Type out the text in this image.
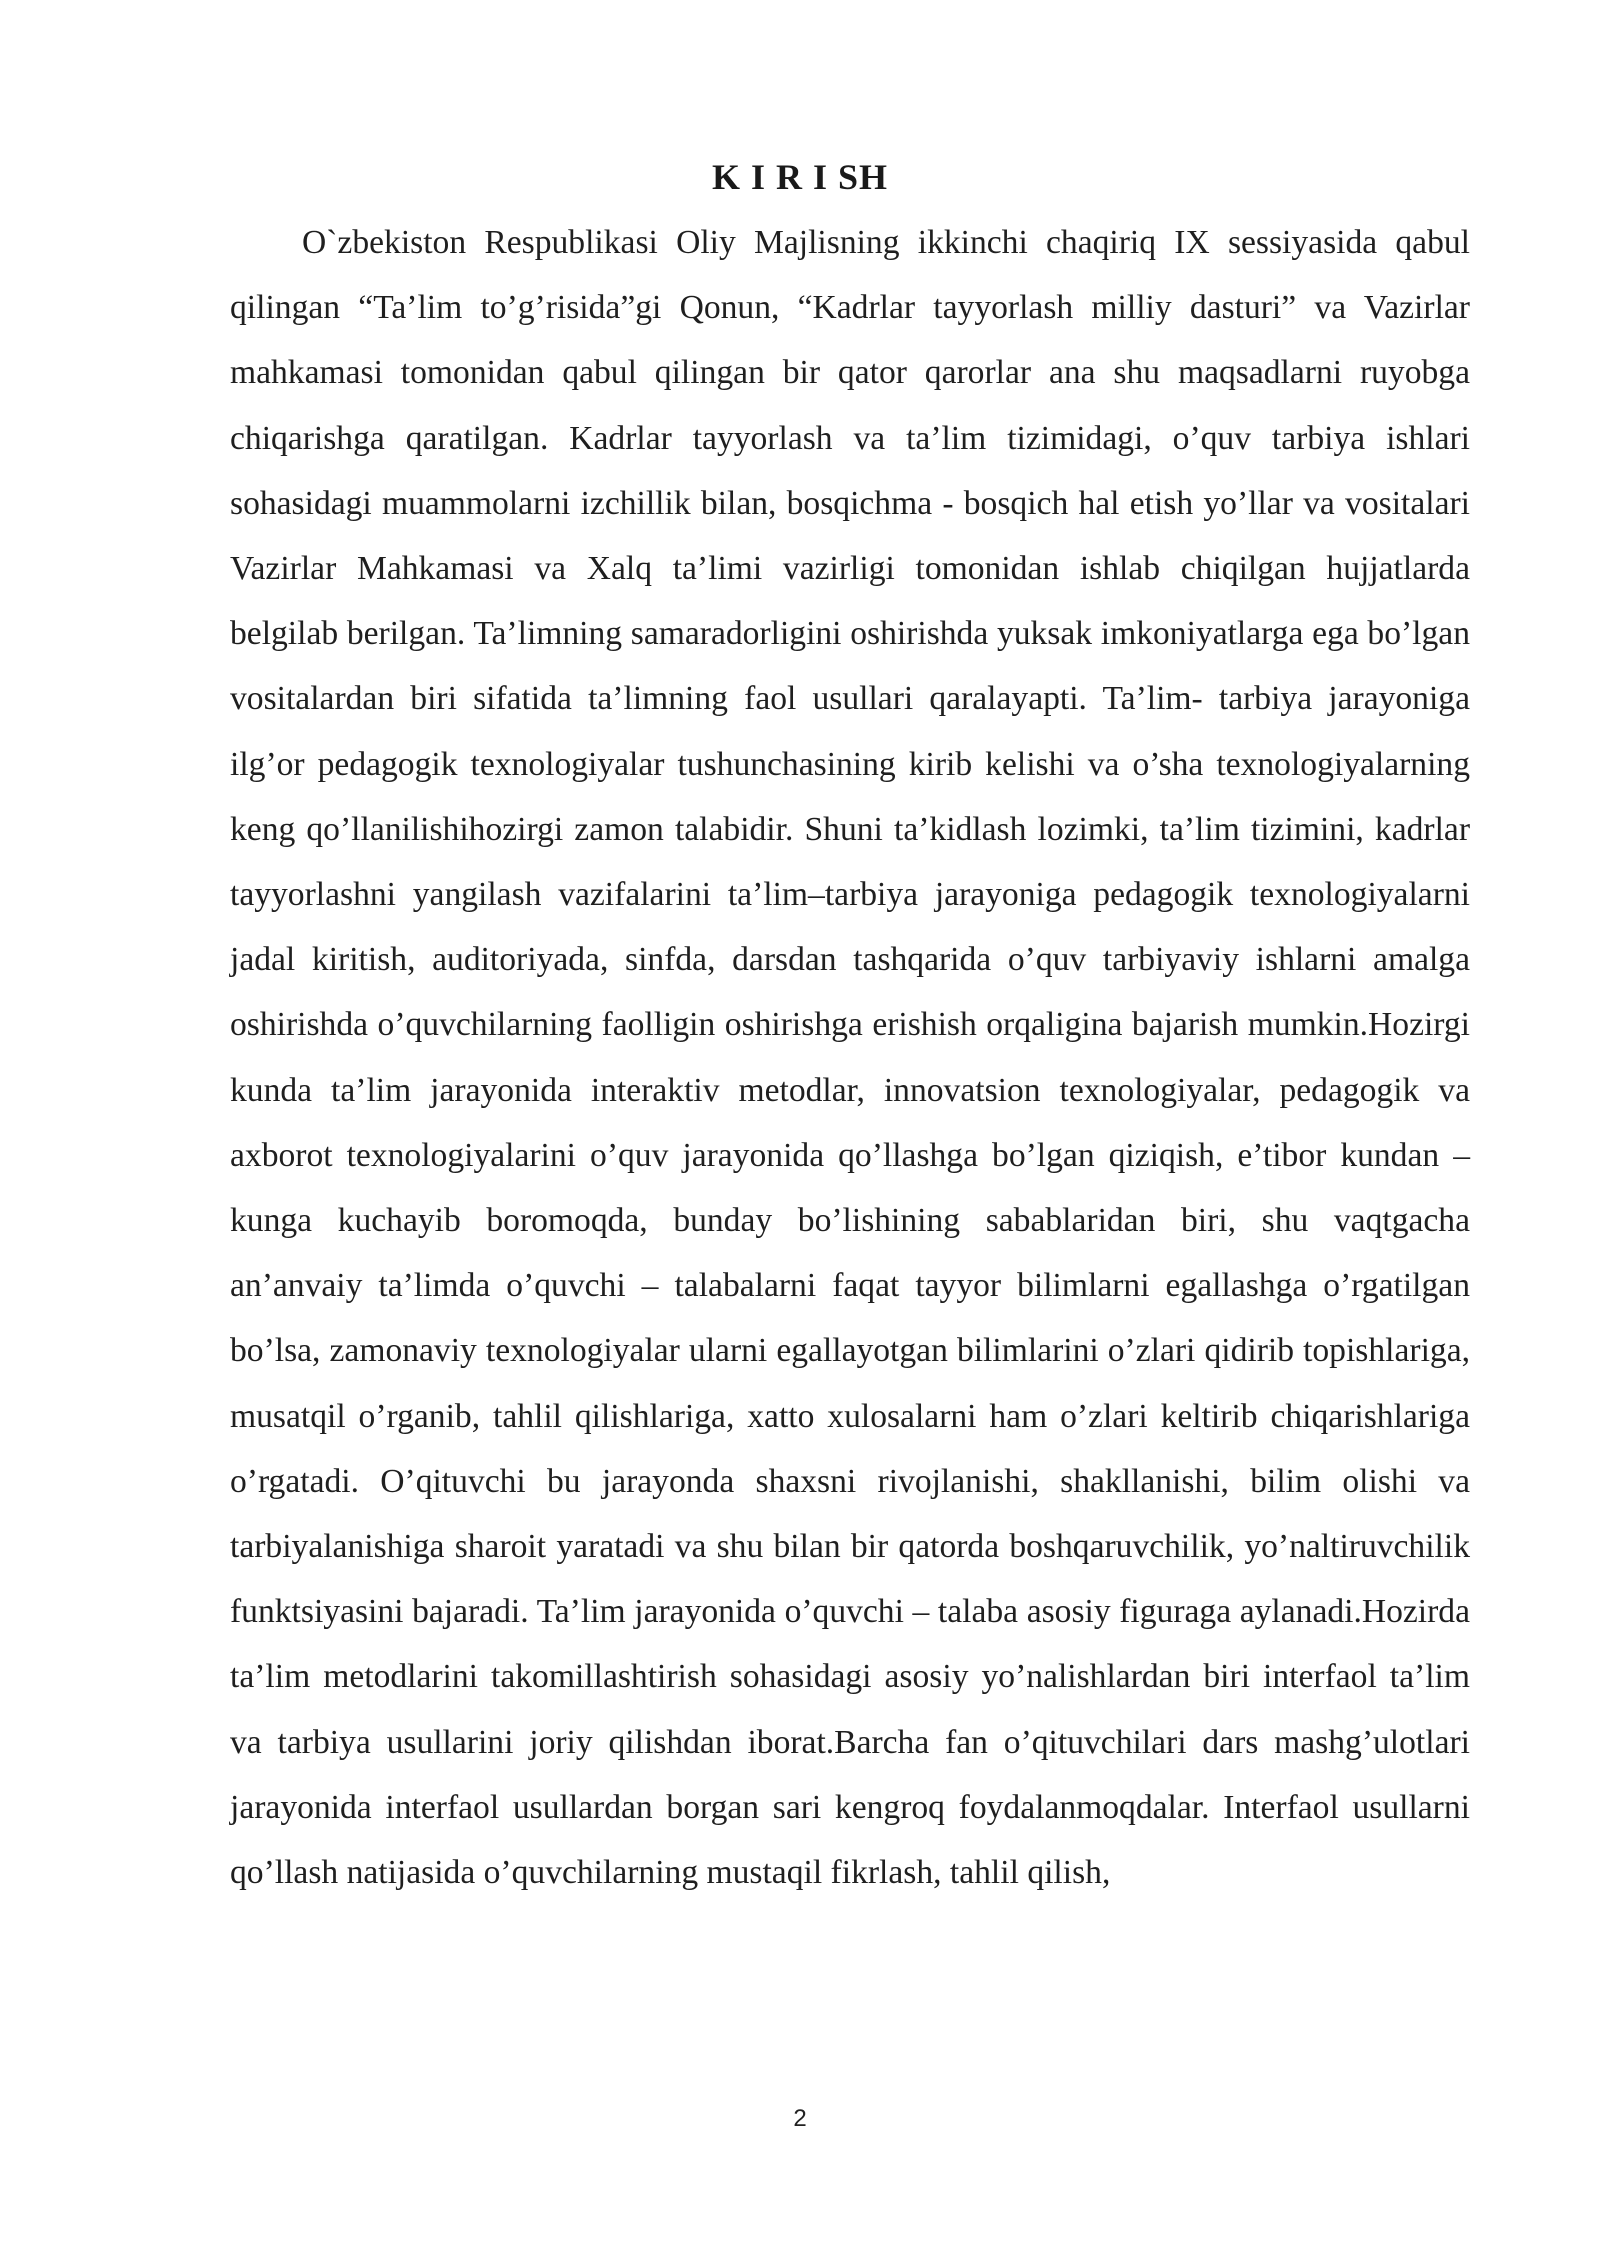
K I R I SH

O`zbekiston Respublikasi Oliy Majlisning ikkinchi chaqiriq IX sessiyasida qabul qilingan “Ta’lim to’g’risida”gi Qonun, “Kadrlar tayyorlash milliy dasturi” va Vazirlar mahkamasi tomonidan qabul qilingan bir qator qarorlar ana shu maqsadlarni ruyobga chiqarishga qaratilgan. Kadrlar tayyorlash va ta’lim tizimidagi, o’quv tarbiya ishlari sohasidagi muammolarni izchillik bilan, bosqichma - bosqich hal etish yo’llar va vositalari Vazirlar Mahkamasi va Xalq ta’limi vazirligi tomonidan ishlab chiqilgan hujjatlarda belgilab berilgan. Ta’limning samaradorligini oshirishda yuksak imkoniyatlarga ega bo’lgan vositalardan biri sifatida ta’limning faol usullari qaralayapti. Ta’lim- tarbiya jarayoniga ilg’or pedagogik texnologiyalar tushunchasining kirib kelishi va o’sha texnologiyalarning keng qo’llanilishihozirgi zamon talabidir. Shuni ta’kidlash lozimki, ta’lim tizimini, kadrlar tayyorlashni yangilash vazifalarini ta’lim–tarbiya jarayoniga pedagogik texnologiyalarni jadal kiritish, auditoriyada, sinfda, darsdan tashqarida o’quv tarbiyaviy ishlarni amalga oshirishda o’quvchilarning faolligin oshirishga erishish orqaligina bajarish mumkin.Hozirgi kunda ta’lim jarayonida interaktiv metodlar, innovatsion texnologiyalar, pedagogik va axborot texnologiyalarini o’quv jarayonida qo’llashga bo’lgan qiziqish, e’tibor kundan – kunga kuchayib boromoqda, bunday bo’lishining sabablaridan biri, shu vaqtgacha an’anvaiy ta’limda o’quvchi – talabalarni faqat tayyor bilimlarni egallashga o’rgatilgan bo’lsa, zamonaviy texnologiyalar ularni egallayotgan bilimlarini o’zlari qidirib topishlariga, musatqil o’rganib, tahlil qilishlariga, xatto xulosalarni ham o’zlari keltirib chiqarishlariga o’rgatadi. O’qituvchi bu jarayonda shaxsni rivojlanishi, shakllanishi, bilim olishi va tarbiyalanishiga sharoit yaratadi va shu bilan bir qatorda boshqaruvchilik, yo’naltiruvchilik funktsiyasini bajaradi. Ta’lim jarayonida o’quvchi – talaba asosiy figuraga aylanadi.Hozirda ta’lim metodlarini takomillashtirish sohasidagi asosiy yo’nalishlardan biri interfaol ta’lim va tarbiya usullarini joriy qilishdan iborat.Barcha fan o’qituvchilari dars mashg’ulotlari jarayonida interfaol usullardan borgan sari kengroq foydalanmoqdalar. Interfaol usullarni qo’llash natijasida o’quvchilarning mustaqil fikrlash, tahlil qilish,

2
